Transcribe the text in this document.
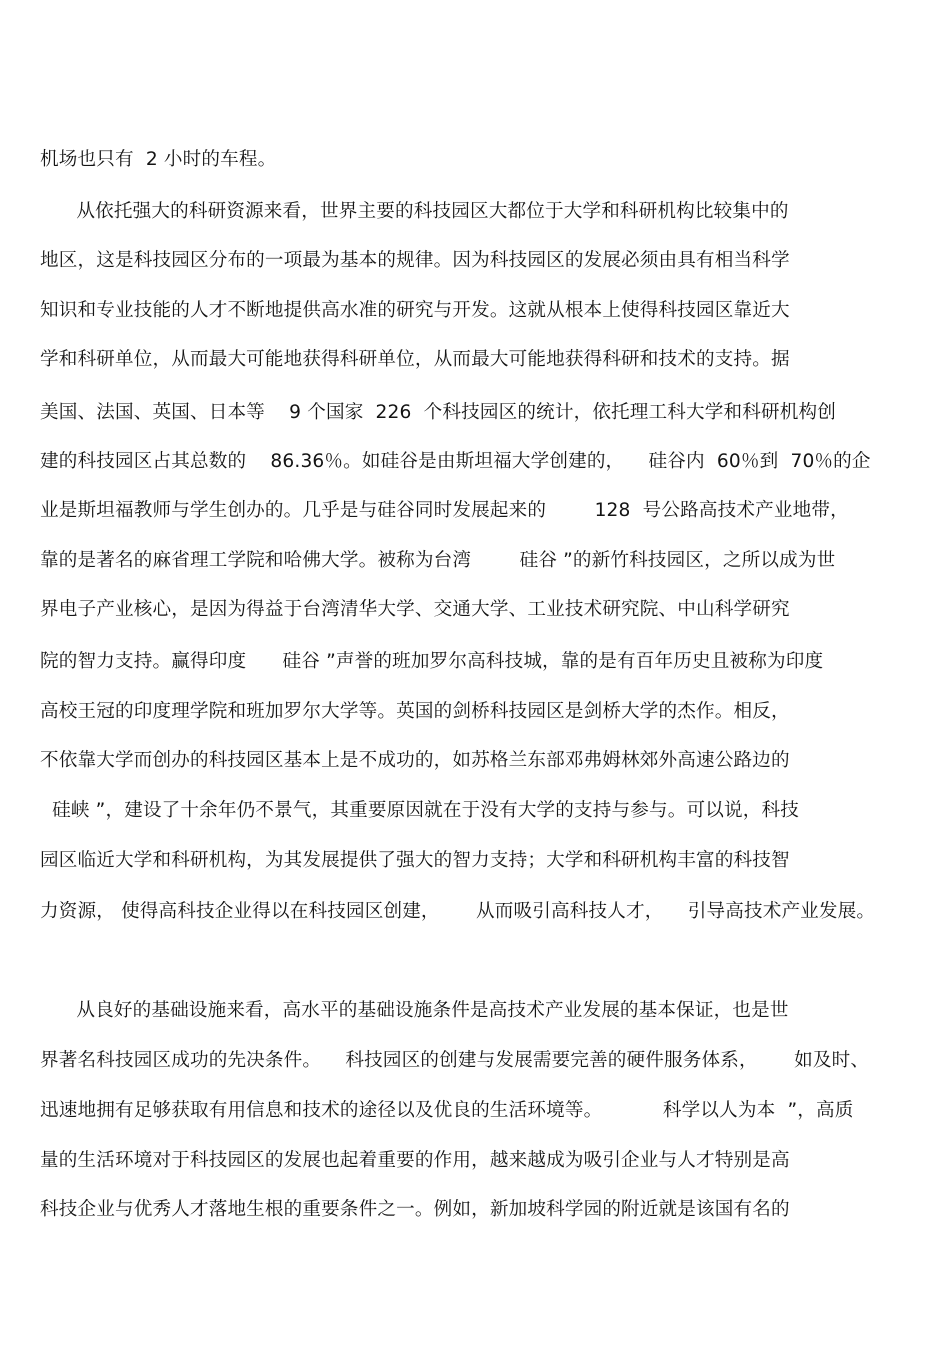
机场也只有  2 小时的车程。

从依托强大的科研资源来看，世界主要的科技园区大都位于大学和科研机构比较集中的

地区，这是科技园区分布的一项最为基本的规律。因为科技园区的发展必须由具有相当科学

知识和专业技能的人才不断地提供高水准的研究与开发。这就从根本上使得科技园区靠近大

学和科研单位，从而最大可能地获得科研单位，从而最大可能地获得科研和技术的支持。据

美国、法国、英国、日本等    9 个国家  226  个科技园区的统计，依托理工科大学和科研机构创

建的科技园区占其总数的    86.36％。如硅谷是由斯坦福大学创建的，    硅谷内  60％到  70％的企

业是斯坦福教师与学生创办的。几乎是与硅谷同时发展起来的        128  号公路高技术产业地带，

靠的是著名的麻省理工学院和哈佛大学。被称为台湾        硅谷 ”的新竹科技园区，之所以成为世

界电子产业核心，是因为得益于台湾清华大学、交通大学、工业技术研究院、中山科学研究

院的智力支持。赢得印度      硅谷 ”声誉的班加罗尔高科技城，靠的是有百年历史且被称为印度

高校王冠的印度理学院和班加罗尔大学等。英国的剑桥科技园区是剑桥大学的杰作。相反，

不依靠大学而创办的科技园区基本上是不成功的，如苏格兰东部邓弗姆林郊外高速公路边的

硅峡 ”，建设了十余年仍不景气，其重要原因就在于没有大学的支持与参与。可以说，科技

园区临近大学和科研机构，为其发展提供了强大的智力支持；大学和科研机构丰富的科技智

力资源， 使得高科技企业得以在科技园区创建，      从而吸引高科技人才，    引导高技术产业发展。

从良好的基础设施来看，高水平的基础设施条件是高技术产业发展的基本保证，也是世

界著名科技园区成功的先决条件。    科技园区的创建与发展需要完善的硬件服务体系，      如及时、

迅速地拥有足够获取有用信息和技术的途径以及优良的生活环境等。          科学以人为本  ”，高质

量的生活环境对于科技园区的发展也起着重要的作用，越来越成为吸引企业与人才特别是高

科技企业与优秀人才落地生根的重要条件之一。例如，新加坡科学园的附近就是该国有名的
